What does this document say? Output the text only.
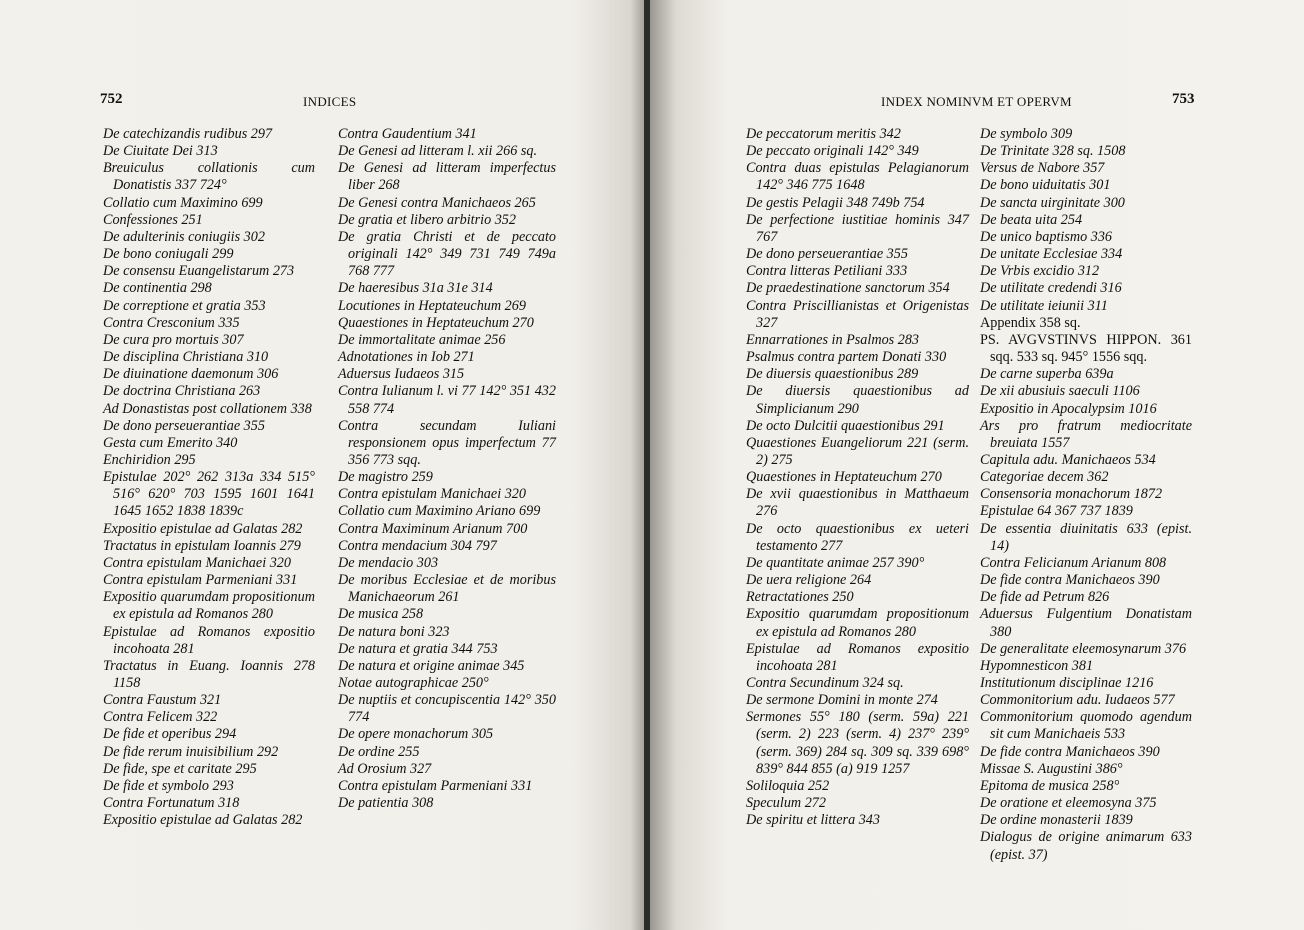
752	INDICES
De catechizandis rudibus 297
De Ciuitate Dei 313
Breuiculus collationis cum Donatistis 337 724°
Collatio cum Maximino 699
Confessiones 251
De adulterinis coniugiis 302
De bono coniugali 299
De consensu Euangelistarum 273
De continentia 298
De correptione et gratia 353
Contra Cresconium 335
De cura pro mortuis 307
De disciplina Christiana 310
De diuinatione daemonum 306
De doctrina Christiana 263
Ad Donastistas post collationem 338
De dono perseuerantiae 355
Gesta cum Emerito 340
Enchiridion 295
Epistulae 202° 262 313a 334 515° 516° 620° 703 1595 1601 1641 1645 1652 1838 1839c
Expositio epistulae ad Galatas 282
Tractatus in epistulam Ioannis 279
Contra epistulam Manichaei 320
Contra epistulam Parmeniani 331
Expositio quarumdam propositionum ex epistula ad Romanos 280
Epistulae ad Romanos expositio incohoata 281
Tractatus in Euang. Ioannis 278 1158
Contra Faustum 321
Contra Felicem 322
De fide et operibus 294
De fide rerum inuisibilium 292
De fide, spe et caritate 295
De fide et symbolo 293
Contra Fortunatum 318
Expositio epistulae ad Galatas 282
Contra Gaudentium 341
De Genesi ad litteram l. xii 266 sq.
De Genesi ad litteram imperfectus liber 268
De Genesi contra Manichaeos 265
De gratia et libero arbitrio 352
De gratia Christi et de peccato originali 142° 349 731 749 749a 768 777
De haeresibus 31a 31e 314
Locutiones in Heptateuchum 269
Quaestiones in Heptateuchum 270
De immortalitate animae 256
Adnotationes in Iob 271
Aduersus Iudaeos 315
Contra Iulianum l. vi 77 142° 351 432 558 774
Contra secundam Iuliani responsionem opus imperfectum 77 356 773 sqq.
De magistro 259
Contra epistulam Manichaei 320
Collatio cum Maximino Ariano 699
Contra Maximinum Arianum 700
Contra mendacium 304 797
De mendacio 303
De moribus Ecclesiae et de moribus Manichaeorum 261
De musica 258
De natura boni 323
De natura et gratia 344 753
De natura et origine animae 345
Notae autographicae 250°
De nuptiis et concupiscentia 142° 350 774
De opere monachorum 305
De ordine 255
Ad Orosium 327
Contra epistulam Parmeniani 331
De patientia 308
INDEX NOMINVM ET OPERVM	753
De peccatorum meritis 342
De peccato originali 142° 349
Contra duas epistulas Pelagianorum 142° 346 775 1648
De gestis Pelagii 348 749b 754
De perfectione iustitiae hominis 347 767
De dono perseuerantiae 355
Contra litteras Petiliani 333
De praedestinatione sanctorum 354
Contra Priscillianistas et Origenistas 327
Ennarrationes in Psalmos 283
Psalmus contra partem Donati 330
De diuersis quaestionibus 289
De diuersis quaestionibus ad Simplicianum 290
De octo Dulcitii quaestionibus 291
Quaestiones Euangeliorum 221 (serm. 2) 275
Quaestiones in Heptateuchum 270
De xvii quaestionibus in Matthaeum 276
De octo quaestionibus ex ueteri testamento 277
De quantitate animae 257 390°
De uera religione 264
Retractationes 250
Expositio quarumdam propositionum ex epistula ad Romanos 280
Epistulae ad Romanos expositio incohoata 281
Contra Secundinum 324 sq.
De sermone Domini in monte 274
Sermones 55° 180 (serm. 59a) 221 (serm. 2) 223 (serm. 4) 237° 239° (serm. 369) 284 sq. 309 sq. 339 698° 839° 844 855 (a) 919 1257
Soliloquia 252
Speculum 272
De spiritu et littera 343
De symbolo 309
De Trinitate 328 sq. 1508
Versus de Nabore 357
De bono uiduitatis 301
De sancta uirginitate 300
De beata uita 254
De unico baptismo 336
De unitate Ecclesiae 334
De Vrbis excidio 312
De utilitate credendi 316
De utilitate ieiunii 311
Appendix 358 sq.
PS. AVGVSTINVS HIPPON. 361 sqq. 533 sq. 945° 1556 sqq.
De carne superba 639a
De xii abusiuis saeculi 1106
Expositio in Apocalypsim 1016
Ars pro fratrum mediocritate breuiata 1557
Capitula adu. Manichaeos 534
Categoriae decem 362
Consensoria monachorum 1872
Epistulae 64 367 737 1839
De essentia diuinitatis 633 (epist. 14)
Contra Felicianum Arianum 808
De fide contra Manichaeos 390
De fide ad Petrum 826
Aduersus Fulgentium Donatistam 380
De generalitate eleemosynarum 376
Hypomnesticon 381
Institutionum disciplinae 1216
Commonitorium adu. Iudaeos 577
Commonitorium quomodo agendum sit cum Manichaeis 533
De fide contra Manichaeos 390
Missae S. Augustini 386°
Epitoma de musica 258°
De oratione et eleemosyna 375
De ordine monasterii 1839
Dialogus de origine animarum 633 (epist. 37)
